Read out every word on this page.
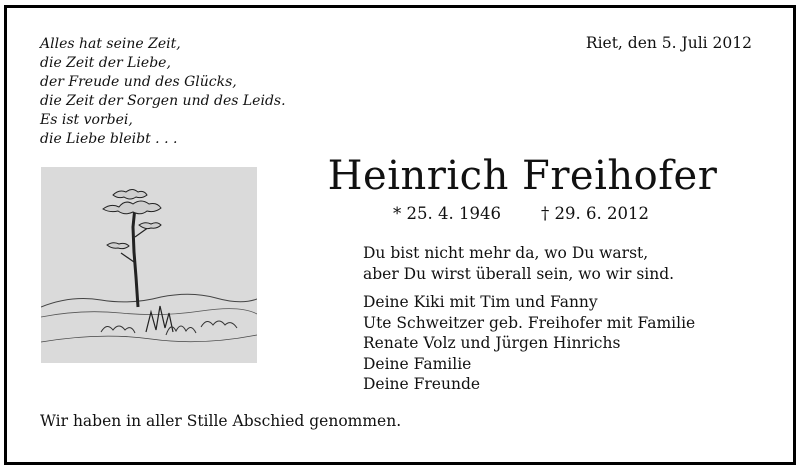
Alles hat seine Zeit,
die Zeit der Liebe,
der Freude und des Glücks,
die Zeit der Sorgen und des Leids.
Es ist vorbei,
die Liebe bleibt . . .
Riet, den 5. Juli 2012
Heinrich Freihofer
* 25. 4. 1946 † 29. 6. 2012
Du bist nicht mehr da, wo Du warst,
aber Du wirst überall sein, wo wir sind.
Deine Kiki mit Tim und Fanny
Ute Schweitzer geb. Freihofer mit Familie
Renate Volz und Jürgen Hinrichs
Deine Familie
Deine Freunde
Wir haben in aller Stille Abschied genommen.
